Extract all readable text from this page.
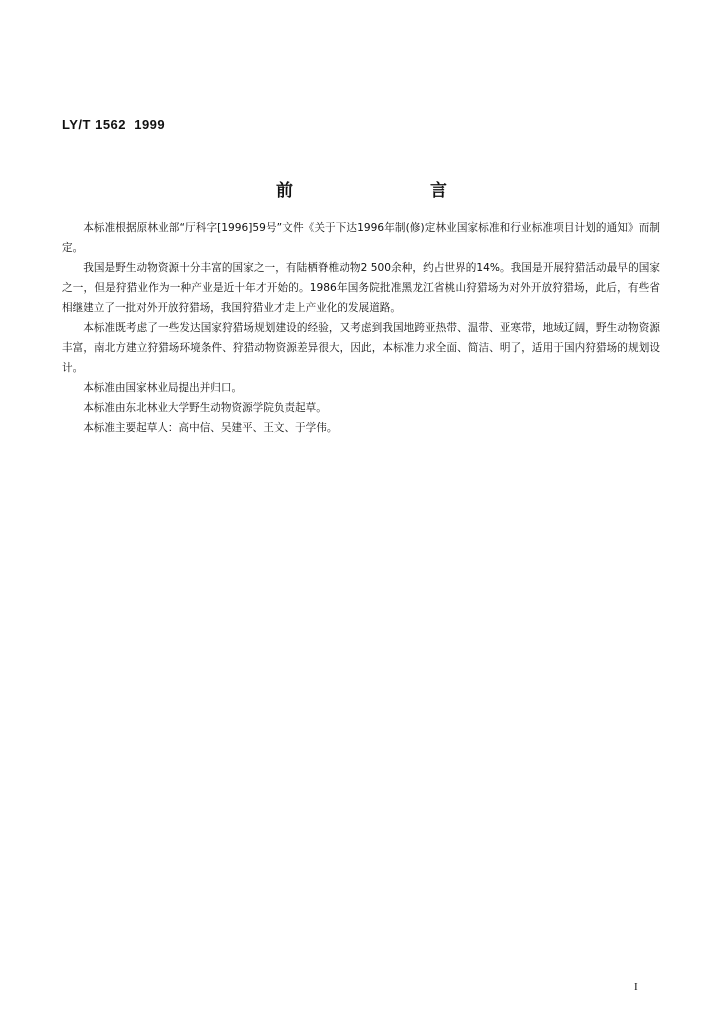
LY/T 1562  1999
前　言

本标准根据原林业部“厅科字[1996]59号”文件《关于下达1996年制(修)定林业国家标准和行业标准项目计划的通知》而制定。

我国是野生动物资源十分丰富的国家之一，有陆栖脊椎动物2 500余种，约占世界的14%。我国是开展狩猎活动最早的国家之一，但是狩猎业作为一种产业是近十年才开始的。1986年国务院批准黑龙江省桃山狩猎场为对外开放狩猎场，此后，有些省相继建立了一批对外开放狩猎场，我国狩猎业才走上产业化的发展道路。

本标准既考虑了一些发达国家狩猎场规划建设的经验，又考虑到我国地跨亚热带、温带、亚寒带，地域辽阔，野生动物资源丰富，南北方建立狩猎场环境条件、狩猎动物资源差异很大，因此，本标准力求全面、简洁、明了，适用于国内狩猎场的规划设计。

本标准由国家林业局提出并归口。

本标准由东北林业大学野生动物资源学院负责起草。

本标准主要起草人：高中信、吴建平、王文、于学伟。

I
